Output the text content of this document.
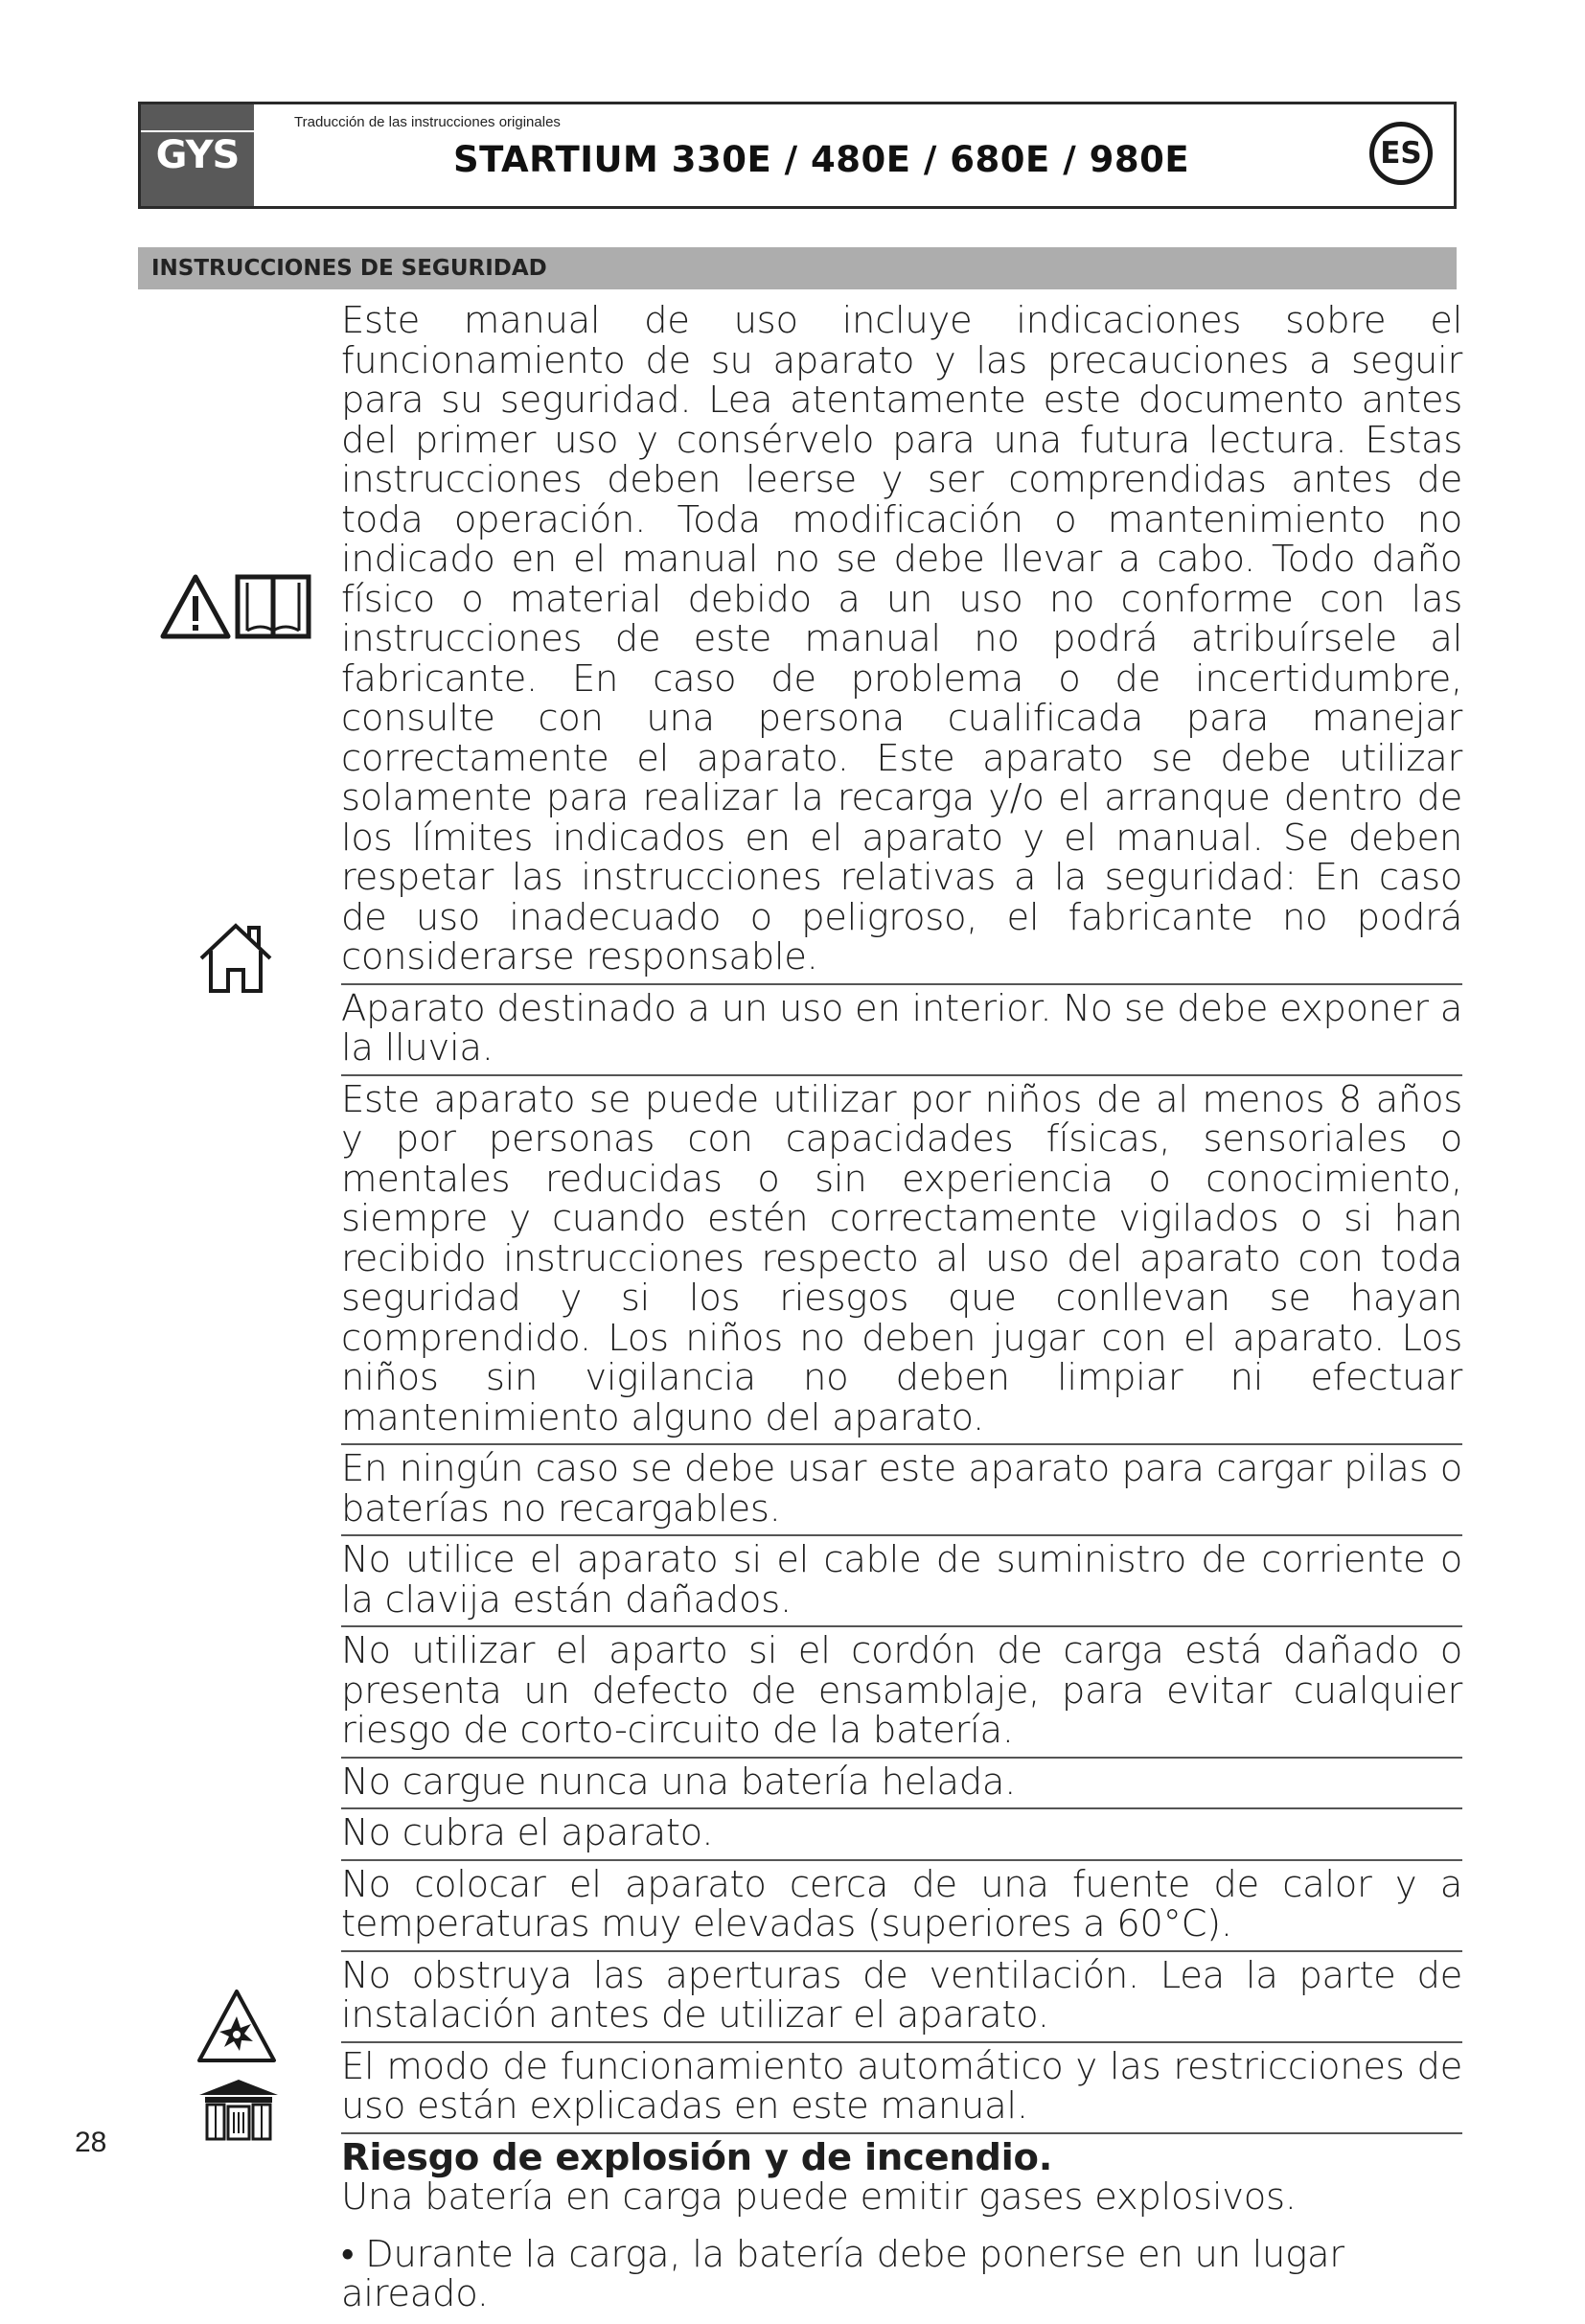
GYS
Traducción de las instrucciones originales
STARTIUM 330E / 480E / 680E / 980E	ES
INSTRUCCIONES DE SEGURIDAD

Este manual de uso incluye indicaciones sobre el funcionamiento de su aparato y las precauciones a seguir para su seguridad. Lea atentamente este documento antes del primer uso y consérvelo para una futura lectura. Estas instrucciones deben leerse y ser comprendidas antes de toda operación. Toda modificación o mantenimiento no indicado en el manual no se debe llevar a cabo. Todo daño físico o material debido a un uso no conforme con las instrucciones de este manual no podrá atribuírsele al fabricante. En caso de problema o de incertidumbre, consulte con una persona cualificada para manejar correctamente el aparato. Este aparato se debe utilizar solamente para realizar la recarga y/o el arranque dentro de los límites indicados en el aparato y el manual. Se deben respetar las instrucciones relativas a la seguridad: En caso de uso inadecuado o peligroso, el fabricante no podrá considerarse responsable.

Aparato destinado a un uso en interior. No se debe exponer a la lluvia.

Este aparato se puede utilizar por niños de al menos 8 años y por personas con capacidades físicas, sensoriales o mentales reducidas o sin experiencia o conocimiento, siempre y cuando estén correctamente vigilados o si han recibido instrucciones respecto al uso del aparato con toda seguridad y si los riesgos que conllevan se hayan comprendido. Los niños no deben jugar con el aparato. Los niños sin vigilancia no deben limpiar ni efectuar mantenimiento alguno del aparato.

En ningún caso se debe usar este aparato para cargar pilas o baterías no recargables.

No utilice el aparato si el cable de suministro de corriente o la clavija están dañados.

No utilizar el aparto si el cordón de carga está dañado o presenta un defecto de ensamblaje, para evitar cualquier riesgo de corto-circuito de la batería.

No cargue nunca una batería helada.

No cubra el aparato.

No colocar el aparato cerca de una fuente de calor y a temperaturas muy elevadas (superiores a 60°C).

No obstruya las aperturas de ventilación. Lea la parte de instalación antes de utilizar el aparato.

El modo de funcionamiento automático y las restricciones de uso están explicadas en este manual.

Riesgo de explosión y de incendio.

Una batería en carga puede emitir gases explosivos.

• Durante la carga, la batería debe ponerse en un lugar aireado.

28
